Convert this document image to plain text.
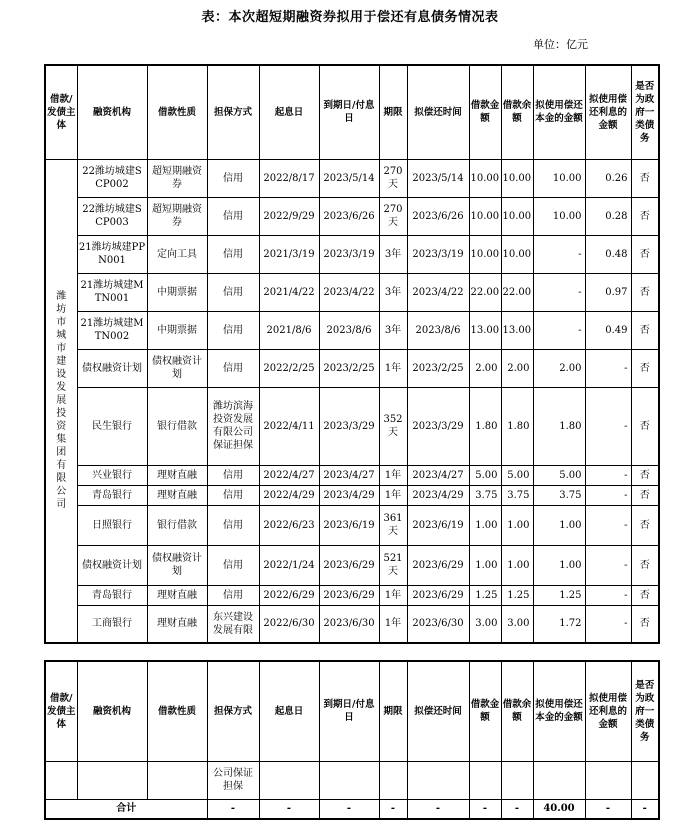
表：本次超短期融资券拟用于偿还有息债务情况表
单位：亿元
借款/发债主体	融资机构	借款性质	担保方式	起息日	到期日/付息日	期限	拟偿还时间	借款金额	借款余额	拟使用偿还本金的金额	拟使用偿还利息的金额	是否为政府一类债务
潍坊市城市建设发展投资集团有限公司	22潍坊城建SCP002	超短期融资券	信用	2022/8/17	2023/5/14	270天	2023/5/14	10.00	10.00	10.00	0.26	否
	22潍坊城建SCP003	超短期融资券	信用	2022/9/29	2023/6/26	270天	2023/6/26	10.00	10.00	10.00	0.28	否
	21潍坊城建PPN001	定向工具	信用	2021/3/19	2023/3/19	3年	2023/3/19	10.00	10.00	-	0.48	否
	21潍坊城建MTN001	中期票据	信用	2021/4/22	2023/4/22	3年	2023/4/22	22.00	22.00	-	0.97	否
	21潍坊城建MTN002	中期票据	信用	2021/8/6	2023/8/6	3年	2023/8/6	13.00	13.00	-	0.49	否
	债权融资计划	债权融资计划	信用	2022/2/25	2023/2/25	1年	2023/2/25	2.00	2.00	2.00	-	否
	民生银行	银行借款	潍坊滨海投资发展有限公司保证担保	2022/4/11	2023/3/29	352天	2023/3/29	1.80	1.80	1.80	-	否
	兴业银行	理财直融	信用	2022/4/27	2023/4/27	1年	2023/4/27	5.00	5.00	5.00	-	否
	青岛银行	理财直融	信用	2022/4/29	2023/4/29	1年	2023/4/29	3.75	3.75	3.75	-	否
	日照银行	银行借款	信用	2022/6/23	2023/6/19	361天	2023/6/19	1.00	1.00	1.00	-	否
	债权融资计划	债权融资计划	信用	2022/1/24	2023/6/29	521天	2023/6/29	1.00	1.00	1.00	-	否
	青岛银行	理财直融	信用	2022/6/29	2023/6/29	1年	2023/6/29	1.25	1.25	1.25	-	否
	工商银行	理财直融	东兴建设发展有限	2022/6/30	2023/6/30	1年	2023/6/30	3.00	3.00	1.72	-	否
借款/发债主体	融资机构	借款性质	担保方式	起息日	到期日/付息日	期限	拟偿还时间	借款金额	借款余额	拟使用偿还本金的金额	拟使用偿还利息的金额	是否为政府一类债务
			公司保证担保									
合计			-	-	-	-	-	-	-	40.00	-	-
